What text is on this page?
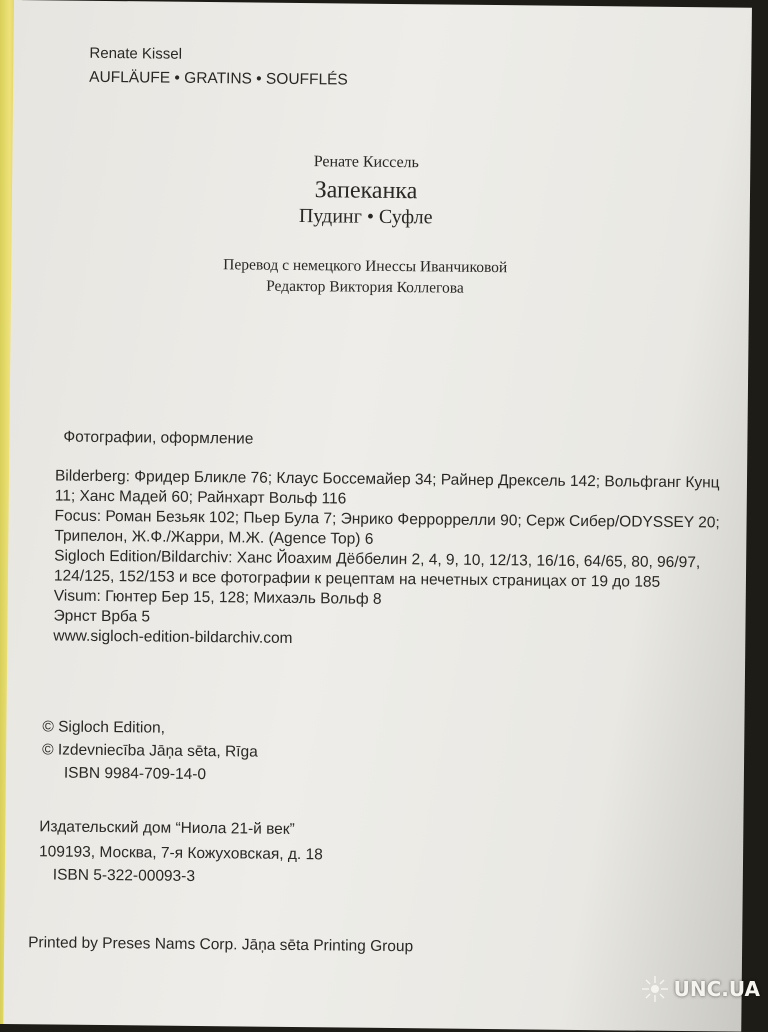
Renate Kissel
AUFLÄUFE • GRATINS • SOUFFLÉS
Ренате Киссель
Запеканка
Пудинг • Суфле
Перевод с немецкого Инессы Иванчиковой
Редактор Виктория Коллегова
Фотографии, оформление
Bilderberg: Фридер Бликле 76; Клаус Боссемайер 34; Райнер Дрексель 142; Вольфганг Кунц
11; Ханс Мадей 60; Райнхарт Вольф 116
Focus: Роман Безьяк 102; Пьер Була 7; Энрико Ферроррелли 90; Серж Сибер/ODYSSEY 20;
Трипелон, Ж.Ф./Жарри, М.Ж. (Agence Top) 6
Sigloch Edition/Bildarchiv: Ханс Йоахим Дёббелин 2, 4, 9, 10, 12/13, 16/16, 64/65, 80, 96/97,
124/125, 152/153 и все фотографии к рецептам на нечетных страницах от 19 до 185
Visum: Гюнтер Бер 15, 128; Михаэль Вольф 8
Эрнст Врба 5
www.sigloch-edition-bildarchiv.com
© Sigloch Edition,
© Izdevniecība Jāņa sēta, Rīga
ISBN 9984-709-14-0
Издательский дом “Ниола 21-й век”
109193, Москва, 7-я Кожуховская, д. 18
ISBN 5-322-00093-3
Printed by Preses Nams Corp. Jāņa sēta Printing Group
UNC.UA
